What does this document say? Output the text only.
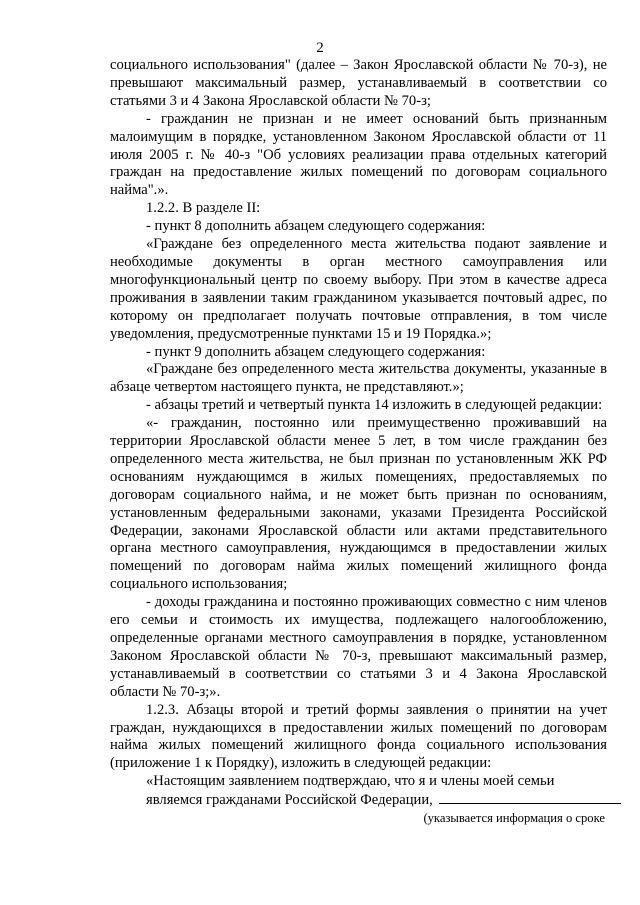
2

социального использования" (далее – Закон Ярославской области № 70-з), не превышают максимальный размер, устанавливаемый в соответствии со статьями 3 и 4 Закона Ярославской области № 70-з;

- гражданин не признан и не имеет оснований быть признанным малоимущим в порядке, установленном Законом Ярославской области от 11 июля 2005 г. № 40-з "Об условиях реализации права отдельных категорий граждан на предоставление жилых помещений по договорам социального найма".».

1.2.2. В разделе II:

- пункт 8 дополнить абзацем следующего содержания:

«Граждане без определенного места жительства подают заявление и необходимые документы в орган местного самоуправления или многофункциональный центр по своему выбору. При этом в качестве адреса проживания в заявлении таким гражданином указывается почтовый адрес, по которому он предполагает получать почтовые отправления, в том числе уведомления, предусмотренные пунктами 15 и 19 Порядка.»;

- пункт 9 дополнить абзацем следующего содержания:

«Граждане без определенного места жительства документы, указанные в абзаце четвертом настоящего пункта, не представляют.»;

- абзацы третий и четвертый пункта 14 изложить в следующей редакции:

«- гражданин, постоянно или преимущественно проживавший на территории Ярославской области менее 5 лет, в том числе гражданин без определенного места жительства, не был признан по установленным ЖК РФ основаниям нуждающимся в жилых помещениях, предоставляемых по договорам социального найма, и не может быть признан по основаниям, установленным федеральными законами, указами Президента Российской Федерации, законами Ярославской области или актами представительного органа местного самоуправления, нуждающимся в предоставлении жилых помещений по договорам найма жилых помещений жилищного фонда социального использования;

- доходы гражданина и постоянно проживающих совместно с ним членов его семьи и стоимость их имущества, подлежащего налогообложению, определенные органами местного самоуправления в порядке, установленном Законом Ярославской области № 70-з, превышают максимальный размер, устанавливаемый в соответствии со статьями 3 и 4 Закона Ярославской области № 70-з;».

1.2.3. Абзацы второй и третий формы заявления о принятии на учет граждан, нуждающихся в предоставлении жилых помещений по договорам найма жилых помещений жилищного фонда социального использования (приложение 1 к Порядку), изложить в следующей редакции:

«Настоящим заявлением подтверждаю, что я и члены моей семьи

являемся гражданами Российской Федерации,

(указывается информация о сроке
